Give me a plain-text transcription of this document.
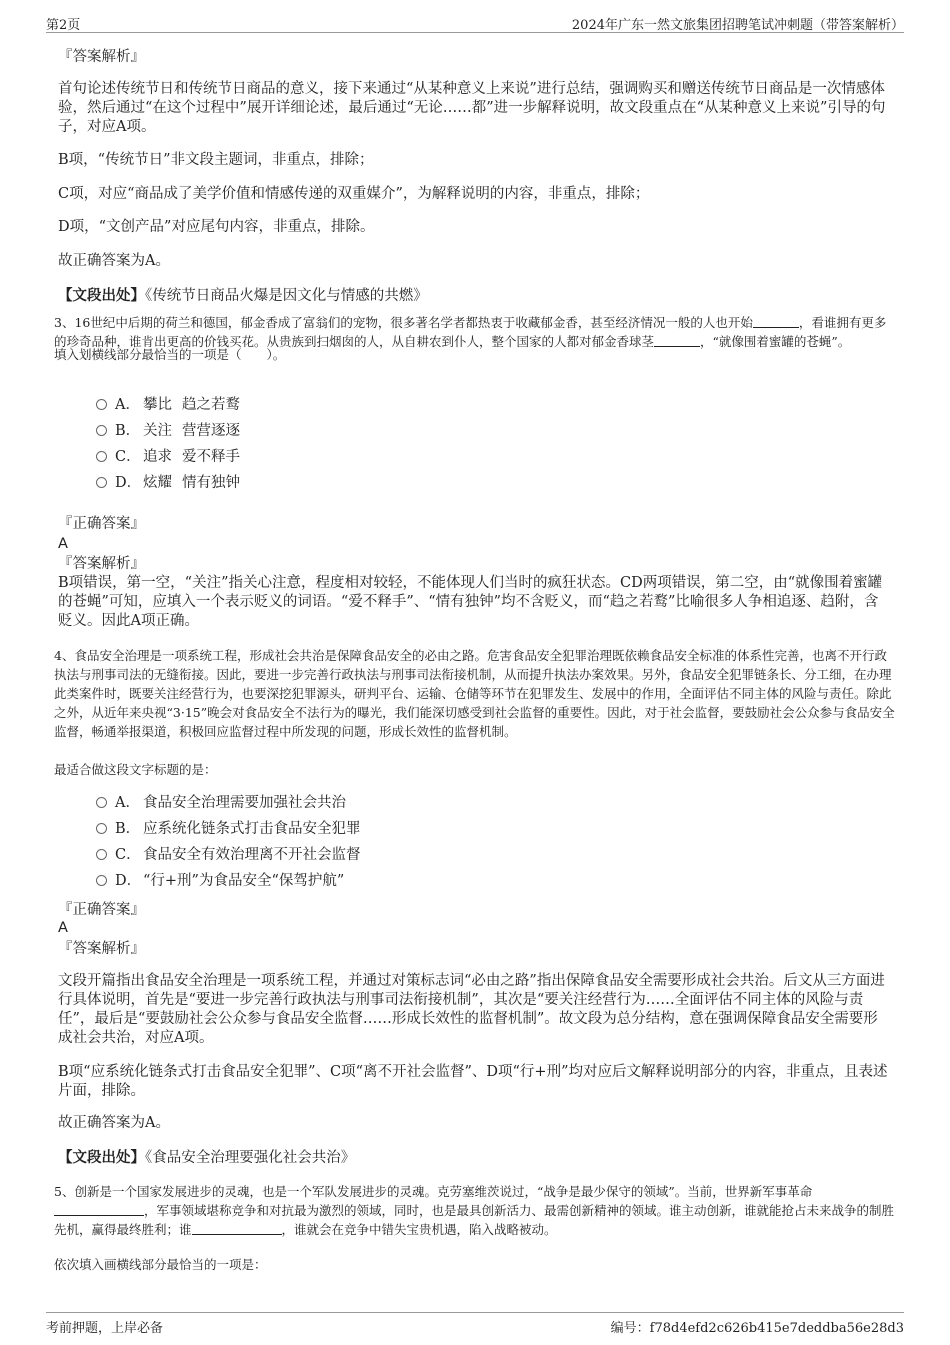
第2页	2024年广东一然文旅集团招聘笔试冲刺题（带答案解析）
『答案解析』

首句论述传统节日和传统节日商品的意义，接下来通过“从某种意义上来说”进行总结，强调购买和赠送传统节日商品是一次情感体验，然后通过“在这个过程中”展开详细论述，最后通过“无论……都”进一步解释说明，故文段重点在“从某种意义上来说”引导的句子，对应A项。

B项，“传统节日”非文段主题词，非重点，排除；

C项，对应“商品成了美学价值和情感传递的双重媒介”，为解释说明的内容，非重点，排除；

D项，“文创产品”对应尾句内容，非重点，排除。

故正确答案为A。

【文段出处】《传统节日商品火爆是因文化与情感的共燃》

3、16世纪中后期的荷兰和德国，郁金香成了富翁们的宠物，很多著名学者都热衷于收藏郁金香，甚至经济情况一般的人也开始	，看谁拥有更多的珍奇品种，谁肯出更高的价钱买花。从贵族到扫烟囱的人，从自耕农到仆人，整个国家的人都对郁金香球茎	，“就像围着蜜罐的苍蝇”。

填入划横线部分最恰当的一项是（　　）。

A． 攀比 趋之若鹜
B． 关注 营营逐逐
C． 追求 爱不释手
D． 炫耀 情有独钟
『正确答案』
A
『答案解析』

B项错误，第一空，“关注”指关心注意，程度相对较轻，不能体现人们当时的疯狂状态。CD两项错误，第二空，由“就像围着蜜罐的苍蝇”可知，应填入一个表示贬义的词语。“爱不释手”、“情有独钟”均不含贬义，而“趋之若鹜”比喻很多人争相追逐、趋附，含贬义。因此A项正确。

4、食品安全治理是一项系统工程，形成社会共治是保障食品安全的必由之路。危害食品安全犯罪治理既依赖食品安全标准的体系性完善，也离不开行政执法与刑事司法的无缝衔接。因此，要进一步完善行政执法与刑事司法衔接机制，从而提升执法办案效果。另外，食品安全犯罪链条长、分工细，在办理此类案件时，既要关注经营行为，也要深挖犯罪源头，研判平台、运输、仓储等环节在犯罪发生、发展中的作用，全面评估不同主体的风险与责任。除此之外，从近年来央视“3·15”晚会对食品安全不法行为的曝光，我们能深切感受到社会监督的重要性。因此，对于社会监督，要鼓励社会公众参与食品安全监督，畅通举报渠道，积极回应监督过程中所发现的问题，形成长效性的监督机制。

最适合做这段文字标题的是：

A． 食品安全治理需要加强社会共治
B． 应系统化链条式打击食品安全犯罪
C． 食品安全有效治理离不开社会监督
D． “行+刑”为食品安全“保驾护航”
『正确答案』
A
『答案解析』

文段开篇指出食品安全治理是一项系统工程，并通过对策标志词“必由之路”指出保障食品安全需要形成社会共治。后文从三方面进行具体说明，首先是“要进一步完善行政执法与刑事司法衔接机制”，其次是“要关注经营行为……全面评估不同主体的风险与责任”，最后是“要鼓励社会公众参与食品安全监督……形成长效性的监督机制”。故文段为总分结构，意在强调保障食品安全需要形成社会共治，对应A项。

B项“应系统化链条式打击食品安全犯罪”、C项“离不开社会监督”、D项“行+刑”均对应后文解释说明部分的内容，非重点，且表述片面，排除。

故正确答案为A。

【文段出处】《食品安全治理要强化社会共治》

5、创新是一个国家发展进步的灵魂，也是一个军队发展进步的灵魂。克劳塞维茨说过，“战争是最少保守的领域”。当前，世界新军事革命，军事领域堪称竞争和对抗最为激烈的领域，同时，也是最具创新活力、最需创新精神的领域。谁主动创新，谁就能抢占未来战争的制胜先机，赢得最终胜利；谁	，谁就会在竞争中错失宝贵机遇，陷入战略被动。

依次填入画横线部分最恰当的一项是：

考前押题，上岸必备	编号：f78d4efd2c626b415e7deddba56e28d3
